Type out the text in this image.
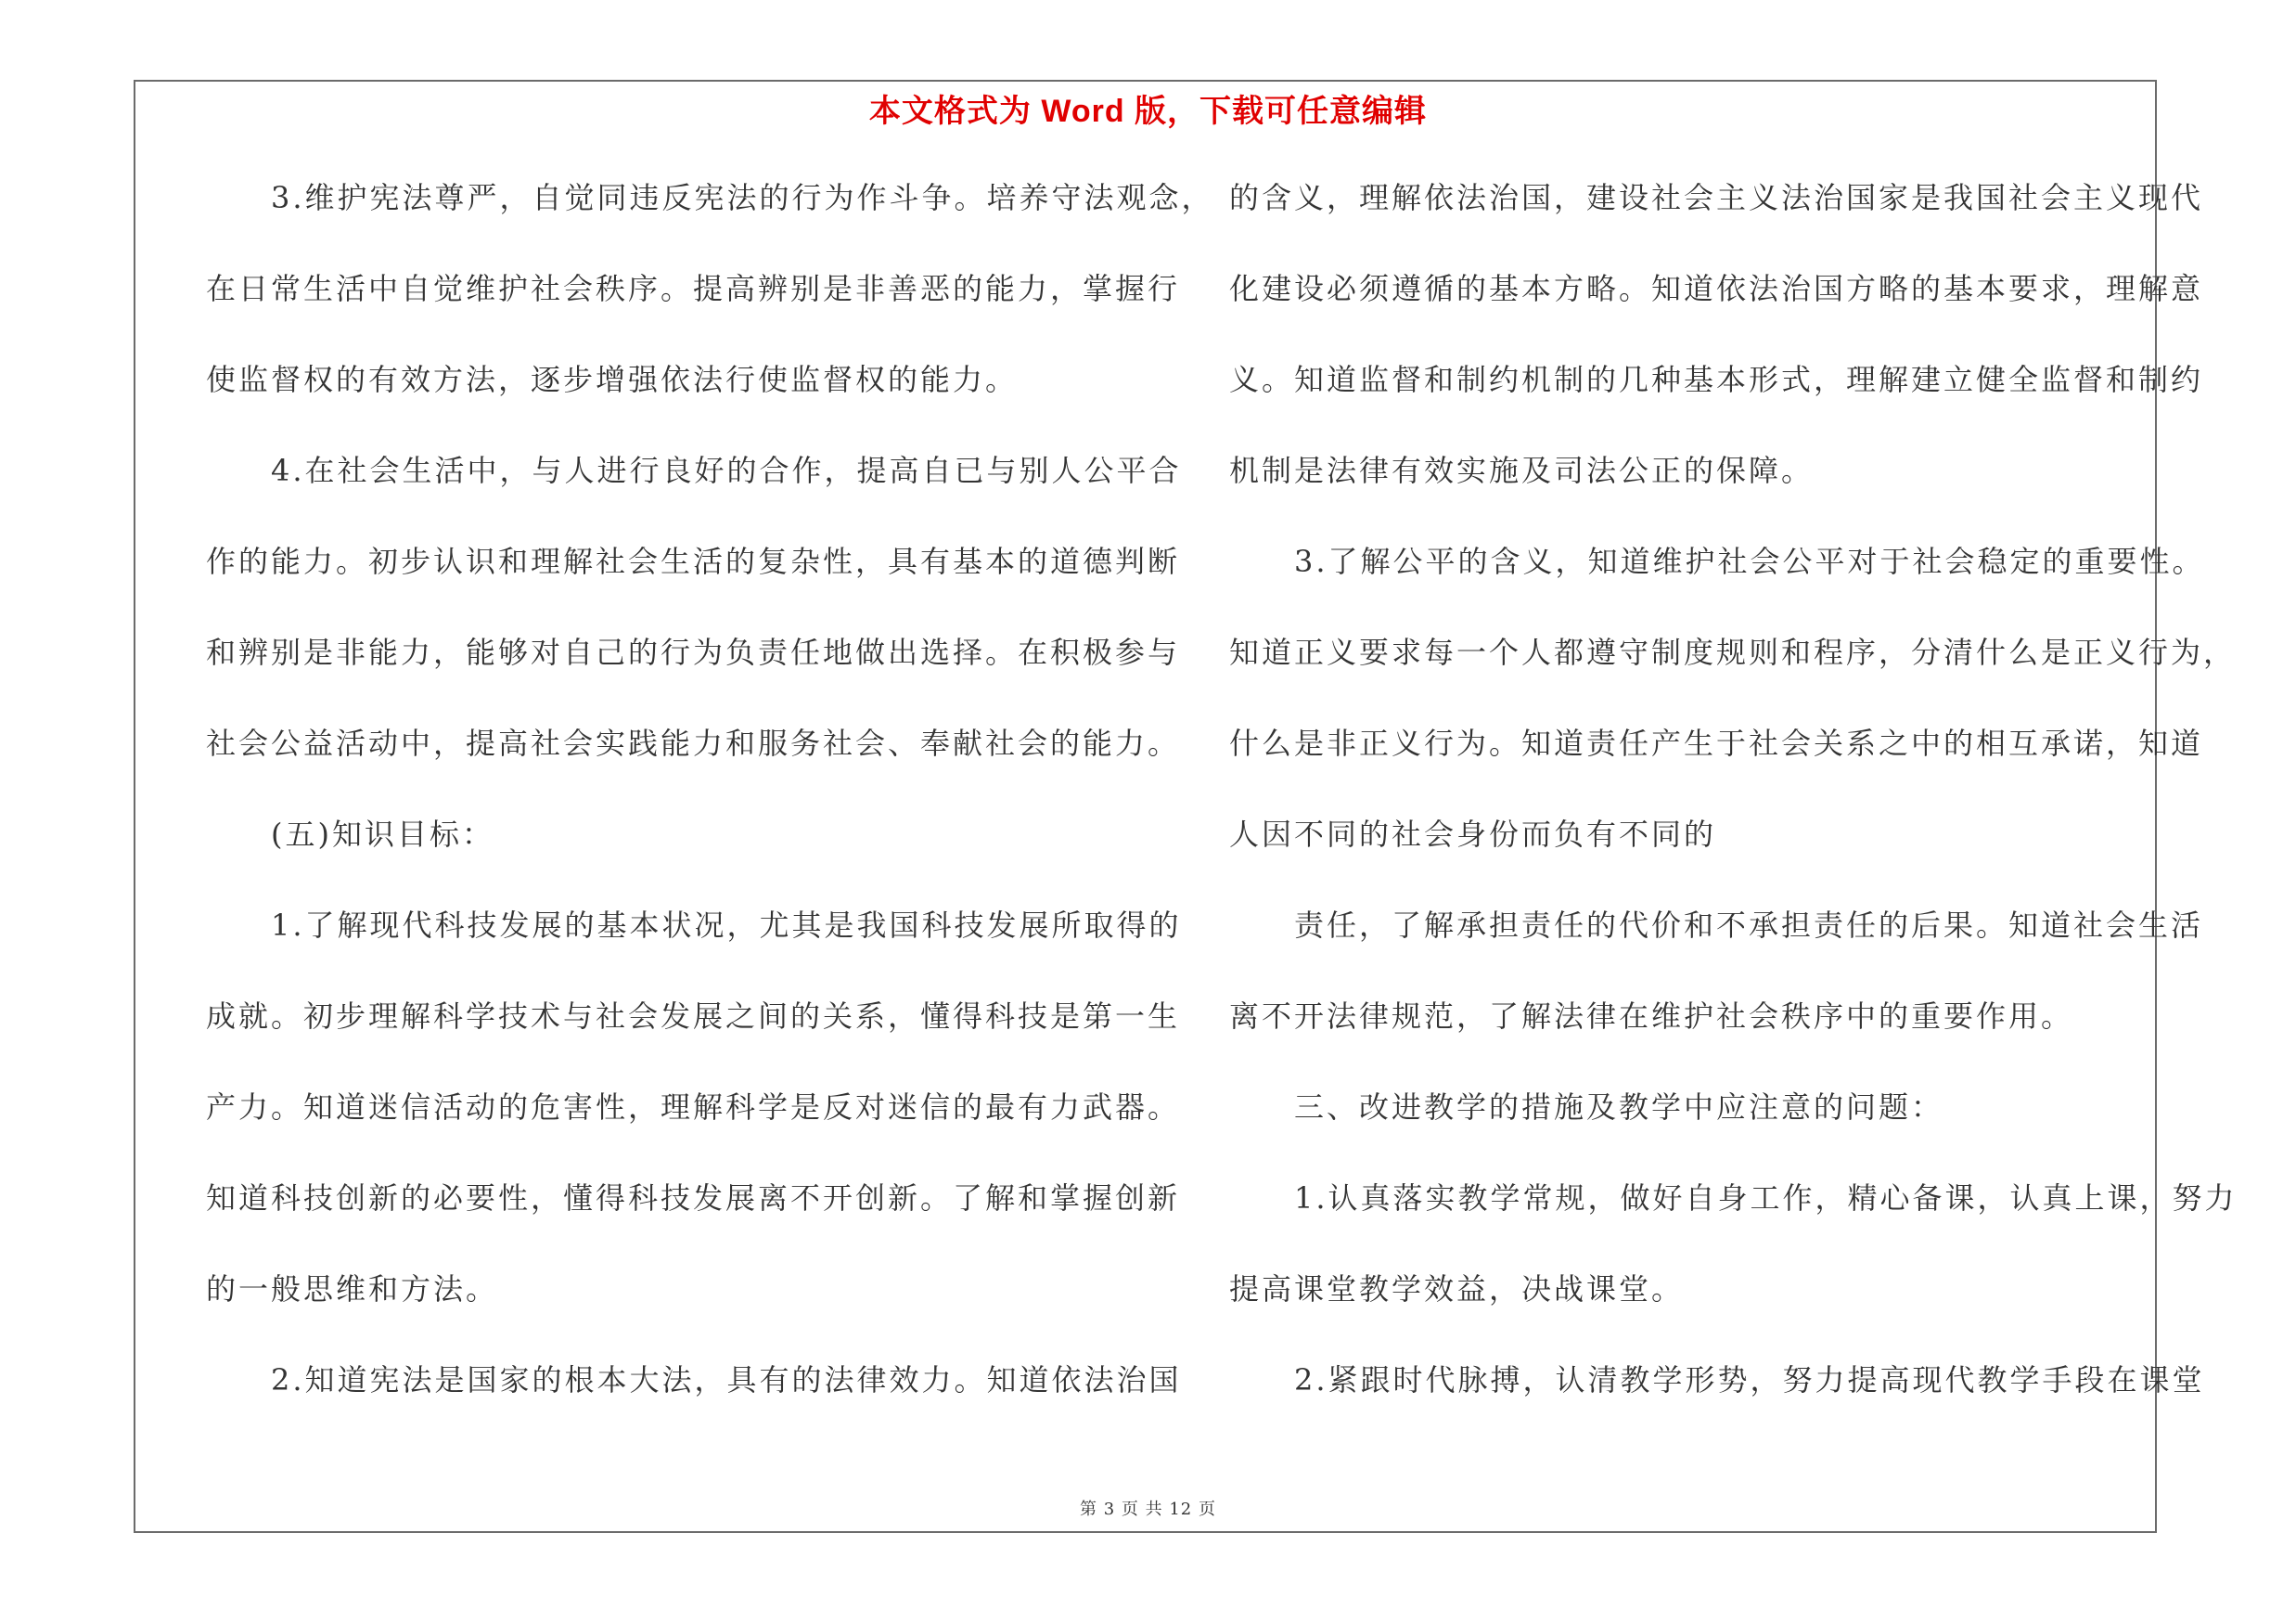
本文格式为 Word 版，下载可任意编辑
　　3.维护宪法尊严，自觉同违反宪法的行为作斗争。培养守法观念，
在日常生活中自觉维护社会秩序。提高辨别是非善恶的能力，掌握行
使监督权的有效方法，逐步增强依法行使监督权的能力。
　　4.在社会生活中，与人进行良好的合作，提高自已与别人公平合
作的能力。初步认识和理解社会生活的复杂性，具有基本的道德判断
和辨别是非能力，能够对自己的行为负责任地做出选择。在积极参与
社会公益活动中，提高社会实践能力和服务社会、奉献社会的能力。
　　(五)知识目标：
　　1.了解现代科技发展的基本状况，尤其是我国科技发展所取得的
成就。初步理解科学技术与社会发展之间的关系，懂得科技是第一生
产力。知道迷信活动的危害性，理解科学是反对迷信的最有力武器。
知道科技创新的必要性，懂得科技发展离不开创新。了解和掌握创新
的一般思维和方法。
　　2.知道宪法是国家的根本大法，具有的法律效力。知道依法治国
的含义，理解依法治国，建设社会主义法治国家是我国社会主义现代
化建设必须遵循的基本方略。知道依法治国方略的基本要求，理解意
义。知道监督和制约机制的几种基本形式，理解建立健全监督和制约
机制是法律有效实施及司法公正的保障。
　　3.了解公平的含义，知道维护社会公平对于社会稳定的重要性。
知道正义要求每一个人都遵守制度规则和程序，分清什么是正义行为，
什么是非正义行为。知道责任产生于社会关系之中的相互承诺，知道
人因不同的社会身份而负有不同的
　　责任，了解承担责任的代价和不承担责任的后果。知道社会生活
离不开法律规范，了解法律在维护社会秩序中的重要作用。
　　三、改进教学的措施及教学中应注意的问题：
　　1.认真落实教学常规，做好自身工作，精心备课，认真上课，努力
提高课堂教学效益，决战课堂。
　　2.紧跟时代脉搏，认清教学形势，努力提高现代教学手段在课堂
第 3 页 共 12 页
